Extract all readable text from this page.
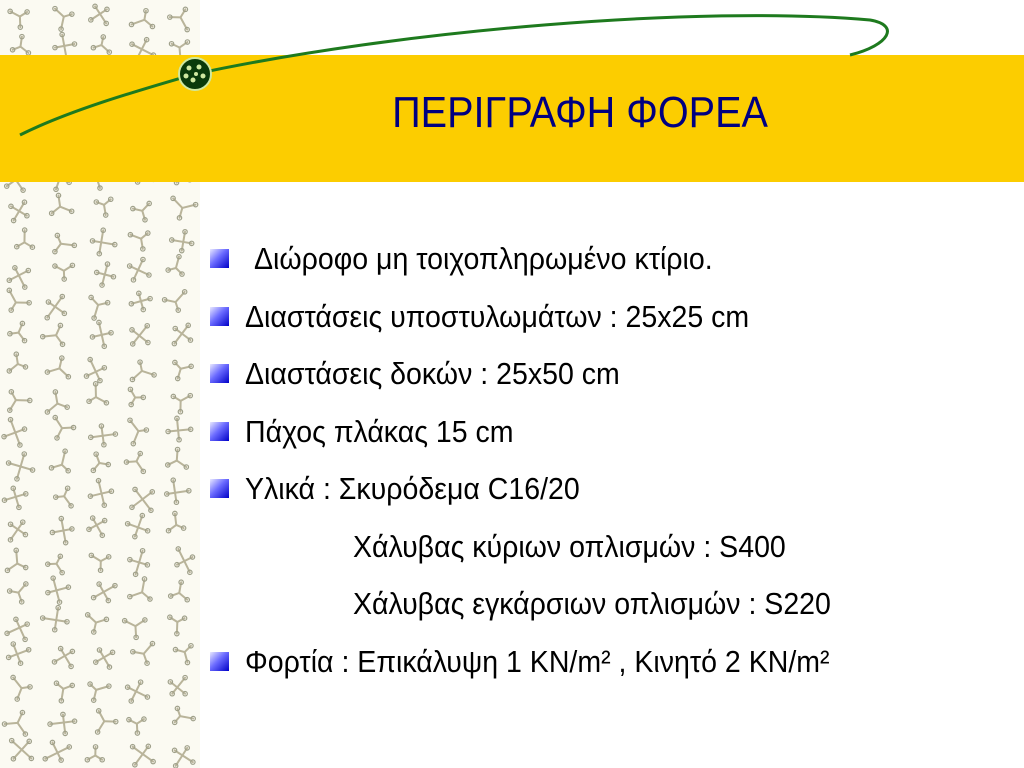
ΠΕΡΙΓΡΑΦΗ ΦΟΡΕΑ
Διώροφο μη τοιχοπληρωμένο κτίριο.
Διαστάσεις υποστυλωμάτων : 25x25 cm
Διαστάσεις δοκών : 25x50 cm
Πάχος πλάκας 15 cm
Υλικά : Σκυρόδεμα C16/20
Χάλυβας κύριων οπλισμών : S400
Χάλυβας εγκάρσιων οπλισμών : S220
Φορτία : Επικάλυψη 1 KN/m² , Κινητό 2 KN/m²
